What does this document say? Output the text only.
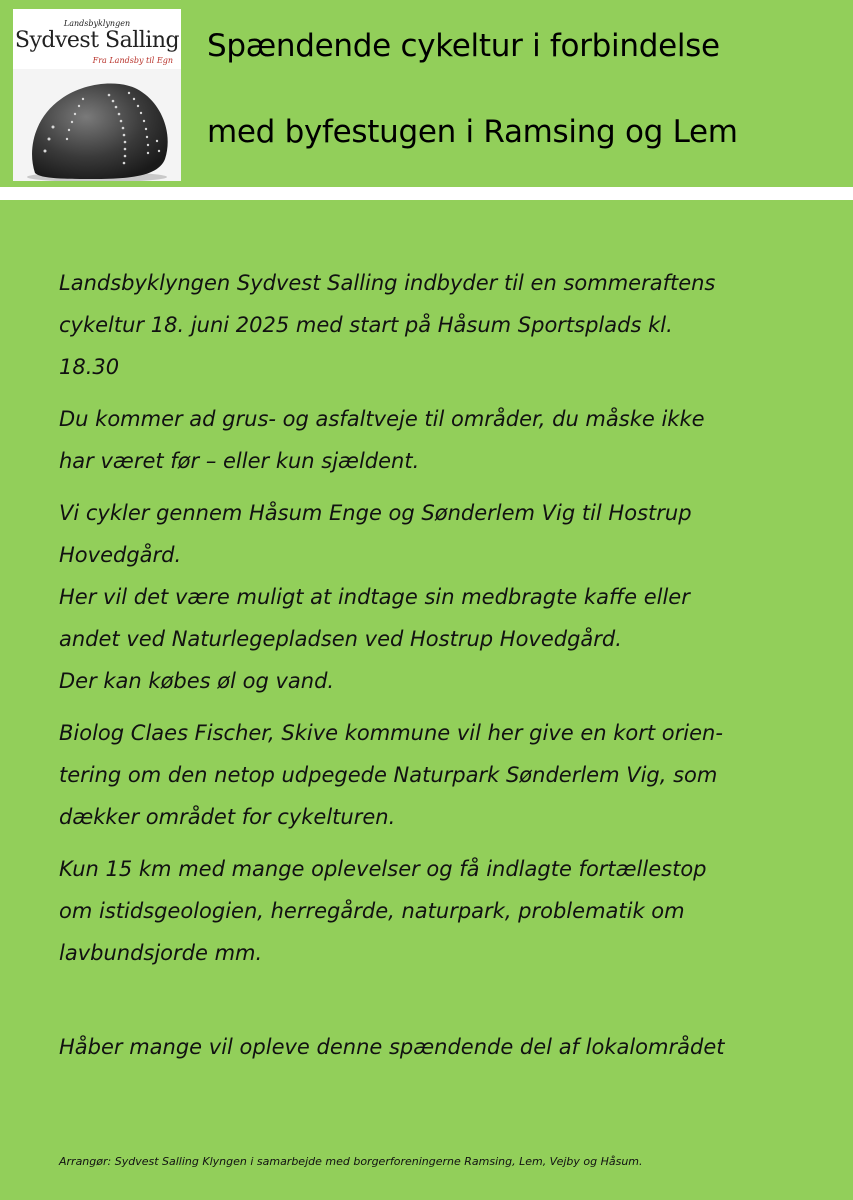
Landsbyklyngen
Sydvest Salling
Fra Landsby til Egn Spændende cykeltur i forbindelse
med byfestugen i Ramsing og Lem

Landsbyklyngen Sydvest Salling indbyder til en sommeraftens
cykeltur 18. juni 2025 med start på Håsum Sportsplads kl.
18.30

Du kommer ad grus- og asfaltveje til områder, du måske ikke
har været før – eller kun sjældent.

Vi cykler gennem Håsum Enge og Sønderlem Vig til Hostrup
Hovedgård.
Her vil det være muligt at indtage sin medbragte kaffe eller
andet ved Naturlegepladsen ved Hostrup Hovedgård.
Der kan købes øl og vand.

Biolog Claes Fischer, Skive kommune vil her give en kort orien-
tering om den netop udpegede Naturpark Sønderlem Vig, som
dækker området for cykelturen.

Kun 15 km med mange oplevelser og få indlagte fortællestop
om istidsgeologien, herregårde, naturpark, problematik om
lavbundsjorde mm.

Håber mange vil opleve denne spændende del af lokalområdet

Arrangør: Sydvest Salling Klyngen i samarbejde med borgerforeningerne Ramsing, Lem, Vejby og Håsum.
